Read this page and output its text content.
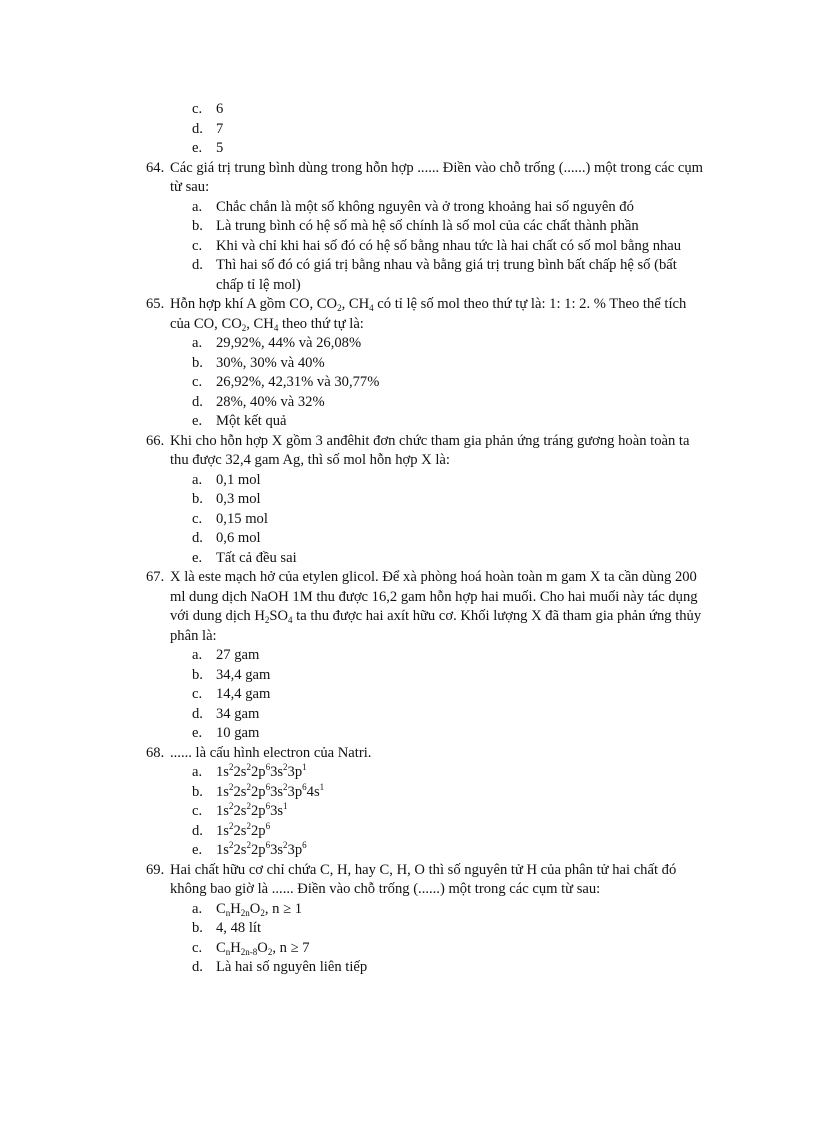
c. 6
d. 7
e. 5
64. Các giá trị trung bình dùng trong hỗn hợp ...... Điền vào chỗ trống (......) một trong các cụm từ sau:
a. Chắc chắn là một số không nguyên và ở trong khoảng hai số nguyên đó
b. Là trung bình có hệ số mà hệ số chính là số mol của các chất thành phần
c. Khi và chỉ khi hai số đó có hệ số bằng nhau tức là hai chất có số mol bằng nhau
d. Thì hai số đó có giá trị bằng nhau và bằng giá trị trung bình bất chấp hệ số (bất chấp tỉ lệ mol)
65. Hỗn hợp khí A gồm CO, $CO_2$, $CH_4$ có tỉ lệ số mol theo thứ tự là: 1: 1: 2. % Theo thể tích của CO, $CO_2$, $CH_4$ theo thứ tự là:
a. 29,92%, 44% và 26,08%
b. 30%, 30% và 40%
c. 26,92%, 42,31% và 30,77%
d. 28%, 40% và 32%
e. Một kết quả
66. Khi cho hỗn hợp X gồm 3 anđêhit đơn chức tham gia phản ứng tráng gương hoàn toàn ta thu được 32,4 gam Ag, thì số mol hỗn hợp X là:
a. 0,1 mol
b. 0,3 mol
c. 0,15 mol
d. 0,6 mol
e. Tất cả đều sai
67. X là este mạch hở của etylen glicol. Để xà phòng hoá hoàn toàn m gam X ta cần dùng 200 ml dung dịch NaOH 1M thu được 16,2 gam hỗn hợp hai muối. Cho hai muối này tác dụng với dung dịch $H_2SO_4$ ta thu được hai axít hữu cơ. Khối lượng X đã tham gia phản ứng thủy phân là:
a. 27 gam
b. 34,4 gam
c. 14,4 gam
d. 34 gam
e. 10 gam
68. ...... là cấu hình electron của Natri.
a. $1s^22s^22p^63s^23p^1$
b. $1s^22s^22p^63s^23p^64s^1$
c. $1s^22s^22p^63s^1$
d. $1s^22s^22p^6$
e. $1s^22s^22p^63s^23p^6$
69. Hai chất hữu cơ chỉ chứa C, H, hay C, H, O thì số nguyên tử H của phân tử hai chất đó không bao giờ là ...... Điền vào chỗ trống (......) một trong các cụm từ sau:
a. $C_nH_{2n}O_2$, n ≥ 1
b. 4, 48 lít
c. $C_nH_{2n-8}O_2$, n ≥ 7
d. Là hai số nguyên liên tiếp
